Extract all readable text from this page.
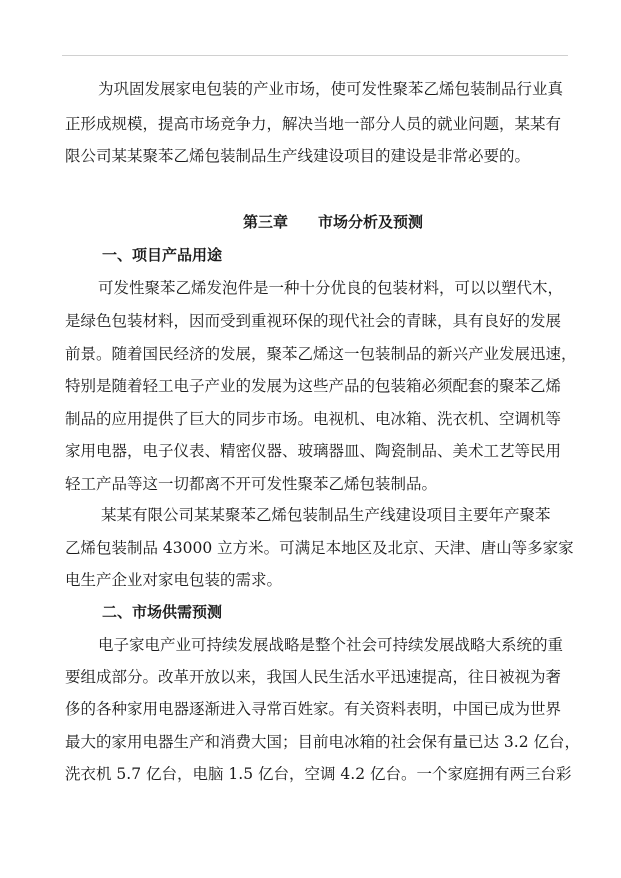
为巩固发展家电包装的产业市场，使可发性聚苯乙烯包装制品行业真
正形成规模，提高市场竞争力，解决当地一部分人员的就业问题，某某有
限公司某某聚苯乙烯包装制品生产线建设项目的建设是非常必要的。
第三章 市场分析及预测
一、项目产品用途
可发性聚苯乙烯发泡件是一种十分优良的包装材料，可以以塑代木，
是绿色包装材料，因而受到重视环保的现代社会的青睐，具有良好的发展
前景。随着国民经济的发展，聚苯乙烯这一包装制品的新兴产业发展迅速，
特别是随着轻工电子产业的发展为这些产品的包装箱必须配套的聚苯乙烯
制品的应用提供了巨大的同步市场。电视机、电冰箱、洗衣机、空调机等
家用电器，电子仪表、精密仪器、玻璃器皿、陶瓷制品、美术工艺等民用
轻工产品等这一切都离不开可发性聚苯乙烯包装制品。
某某有限公司某某聚苯乙烯包装制品生产线建设项目主要年产聚苯
乙烯包装制品 43000 立方米。可满足本地区及北京、天津、唐山等多家家
电生产企业对家电包装的需求。
二、市场供需预测
电子家电产业可持续发展战略是整个社会可持续发展战略大系统的重
要组成部分。改革开放以来，我国人民生活水平迅速提高，往日被视为奢
侈的各种家用电器逐渐进入寻常百姓家。有关资料表明，中国已成为世界
最大的家用电器生产和消费大国；目前电冰箱的社会保有量已达 3.2 亿台，
洗衣机 5.7 亿台，电脑 1.5 亿台，空调 4.2 亿台。一个家庭拥有两三台彩
